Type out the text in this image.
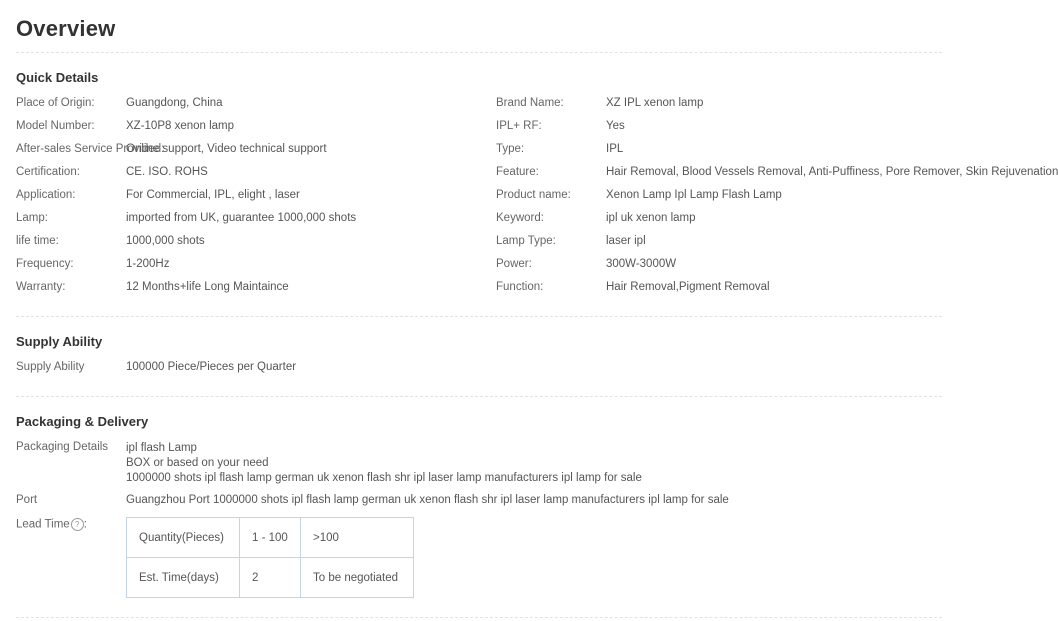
Overview
Quick Details
Place of Origin:	Guangdong, China
Model Number:	XZ-10P8 xenon lamp
After-sales Service Provided:
Online support, Video technical support
Certification:	CE. ISO. ROHS
Application:	For Commercial, IPL, elight , laser
Lamp:	imported from UK, guarantee 1000,000 shots
life time:	1000,000 shots
Frequency:	1-200Hz
Warranty:	12 Months+life Long Maintaince
Brand Name:	XZ IPL xenon lamp
IPL+ RF:	Yes
Type:	IPL
Feature:	Hair Removal, Blood Vessels Removal, Anti-Puffiness, Pore Remover, Skin Rejuvenation
Product name:	Xenon Lamp Ipl Lamp Flash Lamp
Keyword:	ipl uk xenon lamp
Lamp Type:	laser ipl
Power:	300W-3000W
Function:	Hair Removal,Pigment Removal
Supply Ability
Supply Ability	100000 Piece/Pieces per Quarter
Packaging & Delivery
Packaging Details ipl flash Lamp
BOX or based on your need
1000000 shots ipl flash lamp german uk xenon flash shr ipl laser lamp manufacturers ipl lamp for sale
Port	Guangzhou Port 1000000 shots ipl flash lamp german uk xenon flash shr ipl laser lamp manufacturers ipl lamp for sale
Lead Time ? :
Quantity(Pieces)	1 - 100	>100
Est. Time(days)	2	To be negotiated
